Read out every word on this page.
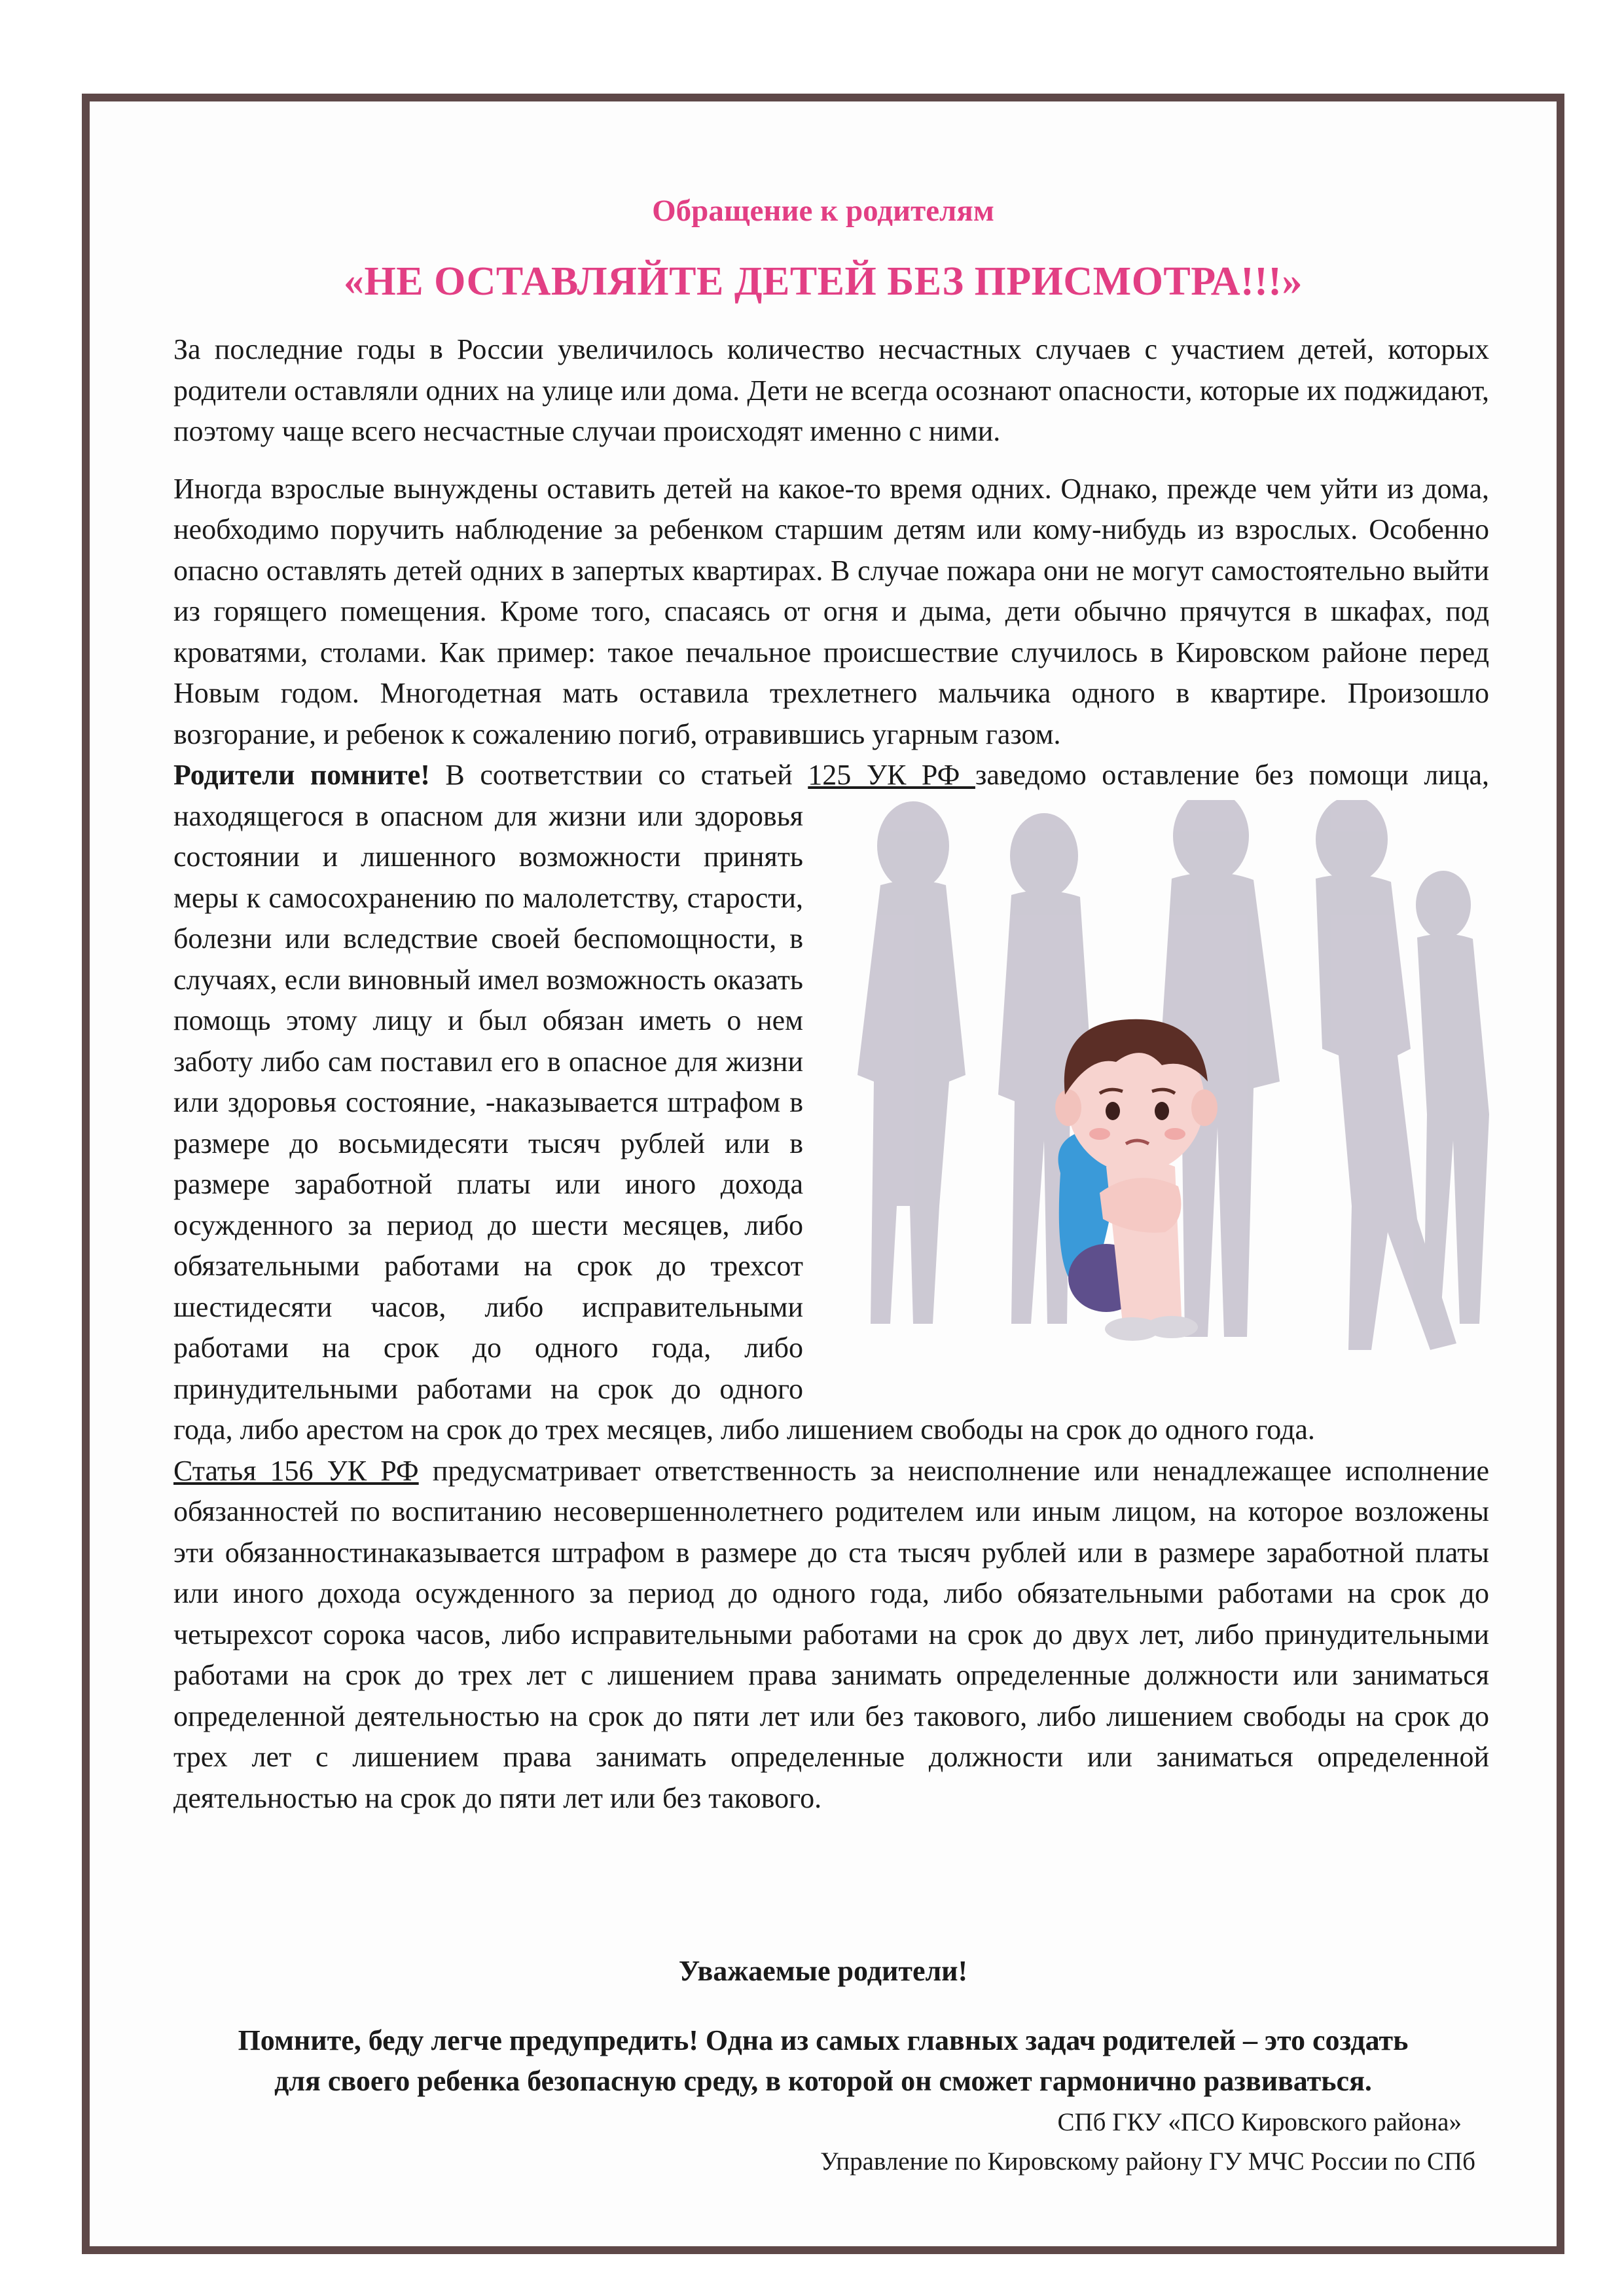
Обращение к родителям
«НЕ ОСТАВЛЯЙТЕ ДЕТЕЙ БЕЗ ПРИСМОТРА!!!»

За последние годы в России увеличилось количество несчастных случаев с участием детей, которых родители оставляли одних на улице или дома. Дети не всегда осознают опасности, которые их поджидают, поэтому чаще всего несчастные случаи происходят именно с ними.

Иногда взрослые вынуждены оставить детей на какое-то время одних. Однако, прежде чем уйти из дома, необходимо поручить наблюдение за ребенком старшим детям или кому-нибудь из взрослых. Особенно опасно оставлять детей одних в запертых квартирах. В случае пожара они не могут самостоятельно выйти из горящего помещения. Кроме того, спасаясь от огня и дыма, дети обычно прячутся в шкафах, под кроватями, столами. Как пример: такое печальное происшествие случилось в Кировском районе перед Новым годом. Многодетная мать оставила трехлетнего мальчика одного в квартире. Произошло возгорание, и ребенок к сожалению погиб, отравившись угарным газом.

Родители помните! В соответствии со статьей 125 УК РФ
заведомо оставление без помощи лица, находящегося в опасном для жизни или здоровья состоянии и лишенного возможности принять меры к самосохранению по малолетству, старости, болезни или вследствие своей беспомощности, в случаях, если виновный имел возможность оказать помощь этому лицу и был обязан иметь о нем заботу либо сам поставил его в опасное для жизни или здоровья состояние, -наказывается штрафом в размере до восьмидесяти тысяч рублей или в размере заработной платы или иного дохода осужденного за период до шести месяцев, либо обязательными работами на срок до трехсот шестидесяти часов, либо исправительными работами на срок до одного года, либо принудительными работами на срок до одного года, либо арестом на срок до трех месяцев, либо лишением свободы на срок до одного года.

Статья 156 УК РФ предусматривает ответственность за неисполнение или ненадлежащее исполнение обязанностей по воспитанию несовершеннолетнего родителем или иным лицом, на которое возложены эти обязанностинаказывается штрафом в размере до ста тысяч рублей или в размере заработной платы или иного дохода осужденного за период до одного года, либо обязательными работами на срок до четырехсот сорока часов, либо исправительными работами на срок до двух лет, либо принудительными работами на срок до трех лет с лишением права занимать определенные должности или заниматься определенной деятельностью на срок до пяти лет или без такового, либо лишением свободы на срок до трех лет с лишением права занимать определенные должности или заниматься определенной деятельностью на срок до пяти лет или без такового.

Уважаемые родители!

Помните, беду легче предупредить! Одна из самых главных задач родителей – это создать
для своего ребенка безопасную среду, в которой он сможет гармонично развиваться.

СПб ГКУ «ПСО Кировского района»

Управление по Кировскому району ГУ МЧС России по СПб
